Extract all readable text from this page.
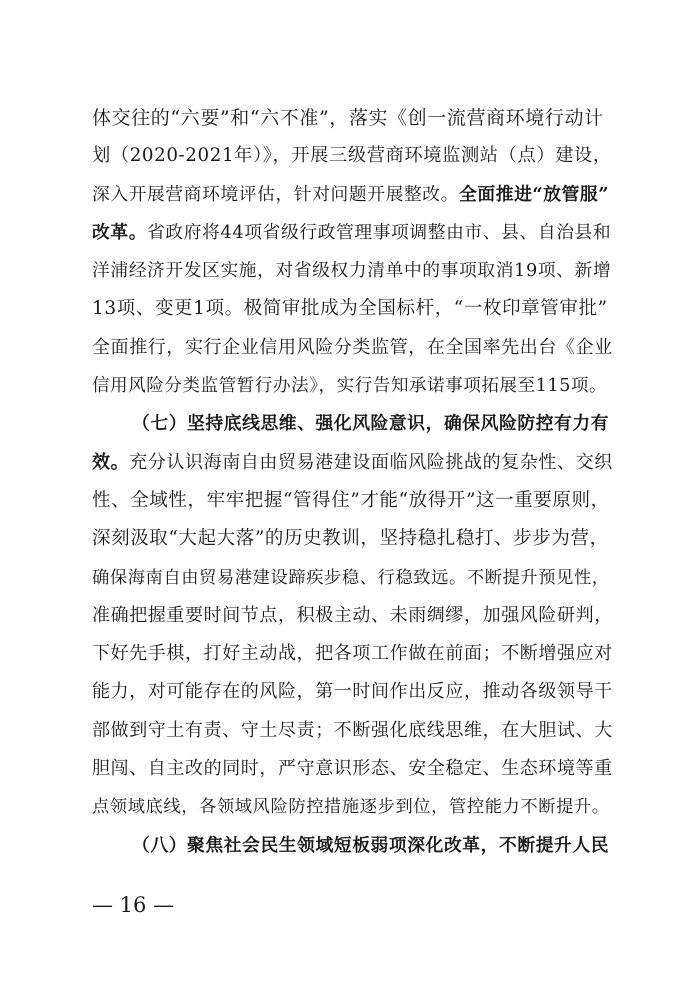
体交往的“六要”和“六不准”，落实《创一流营商环境行动计
划（2020-2021年）》，开展三级营商环境监测站（点）建设，
深入开展营商环境评估，针对问题开展整改。全面推进“放管服”
改革。省政府将44项省级行政管理事项调整由市、县、自治县和
洋浦经济开发区实施，对省级权力清单中的事项取消19项、新增
13项、变更1项。极简审批成为全国标杆，“一枚印章管审批”
全面推行，实行企业信用风险分类监管，在全国率先出台《企业
信用风险分类监管暂行办法》，实行告知承诺事项拓展至115项。
（七）坚持底线思维、强化风险意识，确保风险防控有力有
效。充分认识海南自由贸易港建设面临风险挑战的复杂性、交织
性、全域性，牢牢把握“管得住”才能“放得开”这一重要原则，
深刻汲取“大起大落”的历史教训，坚持稳扎稳打、步步为营，
确保海南自由贸易港建设蹄疾步稳、行稳致远。不断提升预见性，
准确把握重要时间节点，积极主动、未雨绸缪，加强风险研判，
下好先手棋，打好主动战，把各项工作做在前面；不断增强应对
能力，对可能存在的风险，第一时间作出反应，推动各级领导干
部做到守土有责、守土尽责；不断强化底线思维，在大胆试、大
胆闯、自主改的同时，严守意识形态、安全稳定、生态环境等重
点领域底线，各领域风险防控措施逐步到位，管控能力不断提升。
（八）聚焦社会民生领域短板弱项深化改革，不断提升人民
— 16 —
